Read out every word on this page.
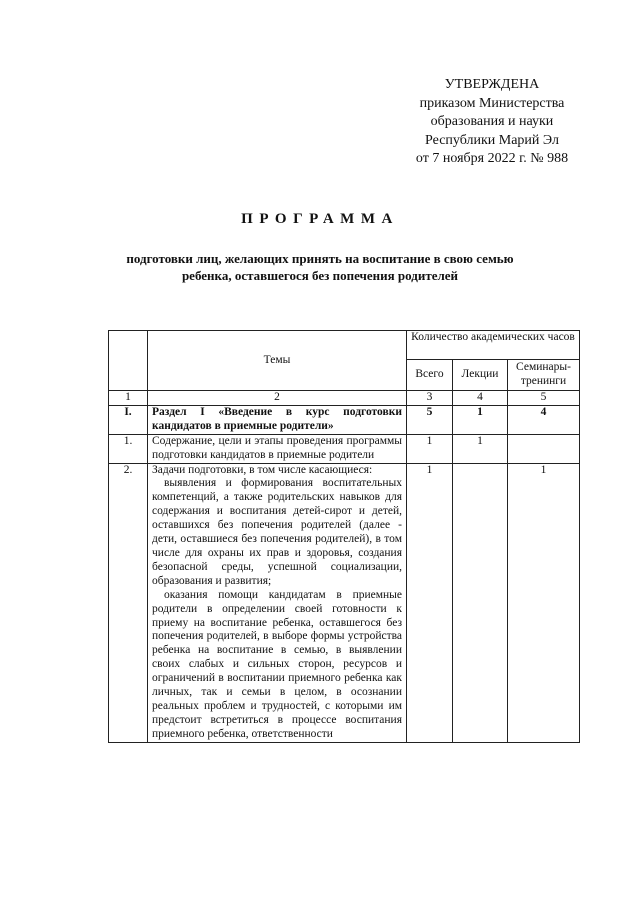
УТВЕРЖДЕНА
приказом Министерства
образования и науки
Республики Марий Эл
от 7 ноября 2022 г. № 988
ПРОГРАММА
подготовки лиц, желающих принять на воспитание в свою семью
ребенка, оставшегося без попечения родителей
	Темы	Количество академических часов		
		Всего	Лекции	Семинары-тренинги
1	2	3	4	5
I.	Раздел I «Введение в курс подготовки кандидатов в приемные родители»	5	1	4
1.	Содержание, цели и этапы проведения программы подготовки кандидатов в приемные родители	1	1	
2.	Задачи подготовки, в том числе касающиеся:
выявления и формирования воспитательных компетенций, а также родительских навыков для содержания и воспитания детей-сирот и детей, оставшихся без попечения родителей (далее - дети, оставшиеся без попечения родителей), в том числе для охраны их прав и здоровья, создания безопасной среды, успешной социализации, образования и развития;
оказания помощи кандидатам в приемные родители в определении своей готовности к приему на воспитание ребенка, оставшегося без попечения родителей, в выборе формы устройства ребенка на воспитание в семью, в выявлении своих слабых и сильных сторон, ресурсов и ограничений в воспитании приемного ребенка как личных, так и семьи в целом, в осознании реальных проблем и трудностей, с которыми им предстоит встретиться в процессе воспитания приемного ребенка, ответственности	1		1
